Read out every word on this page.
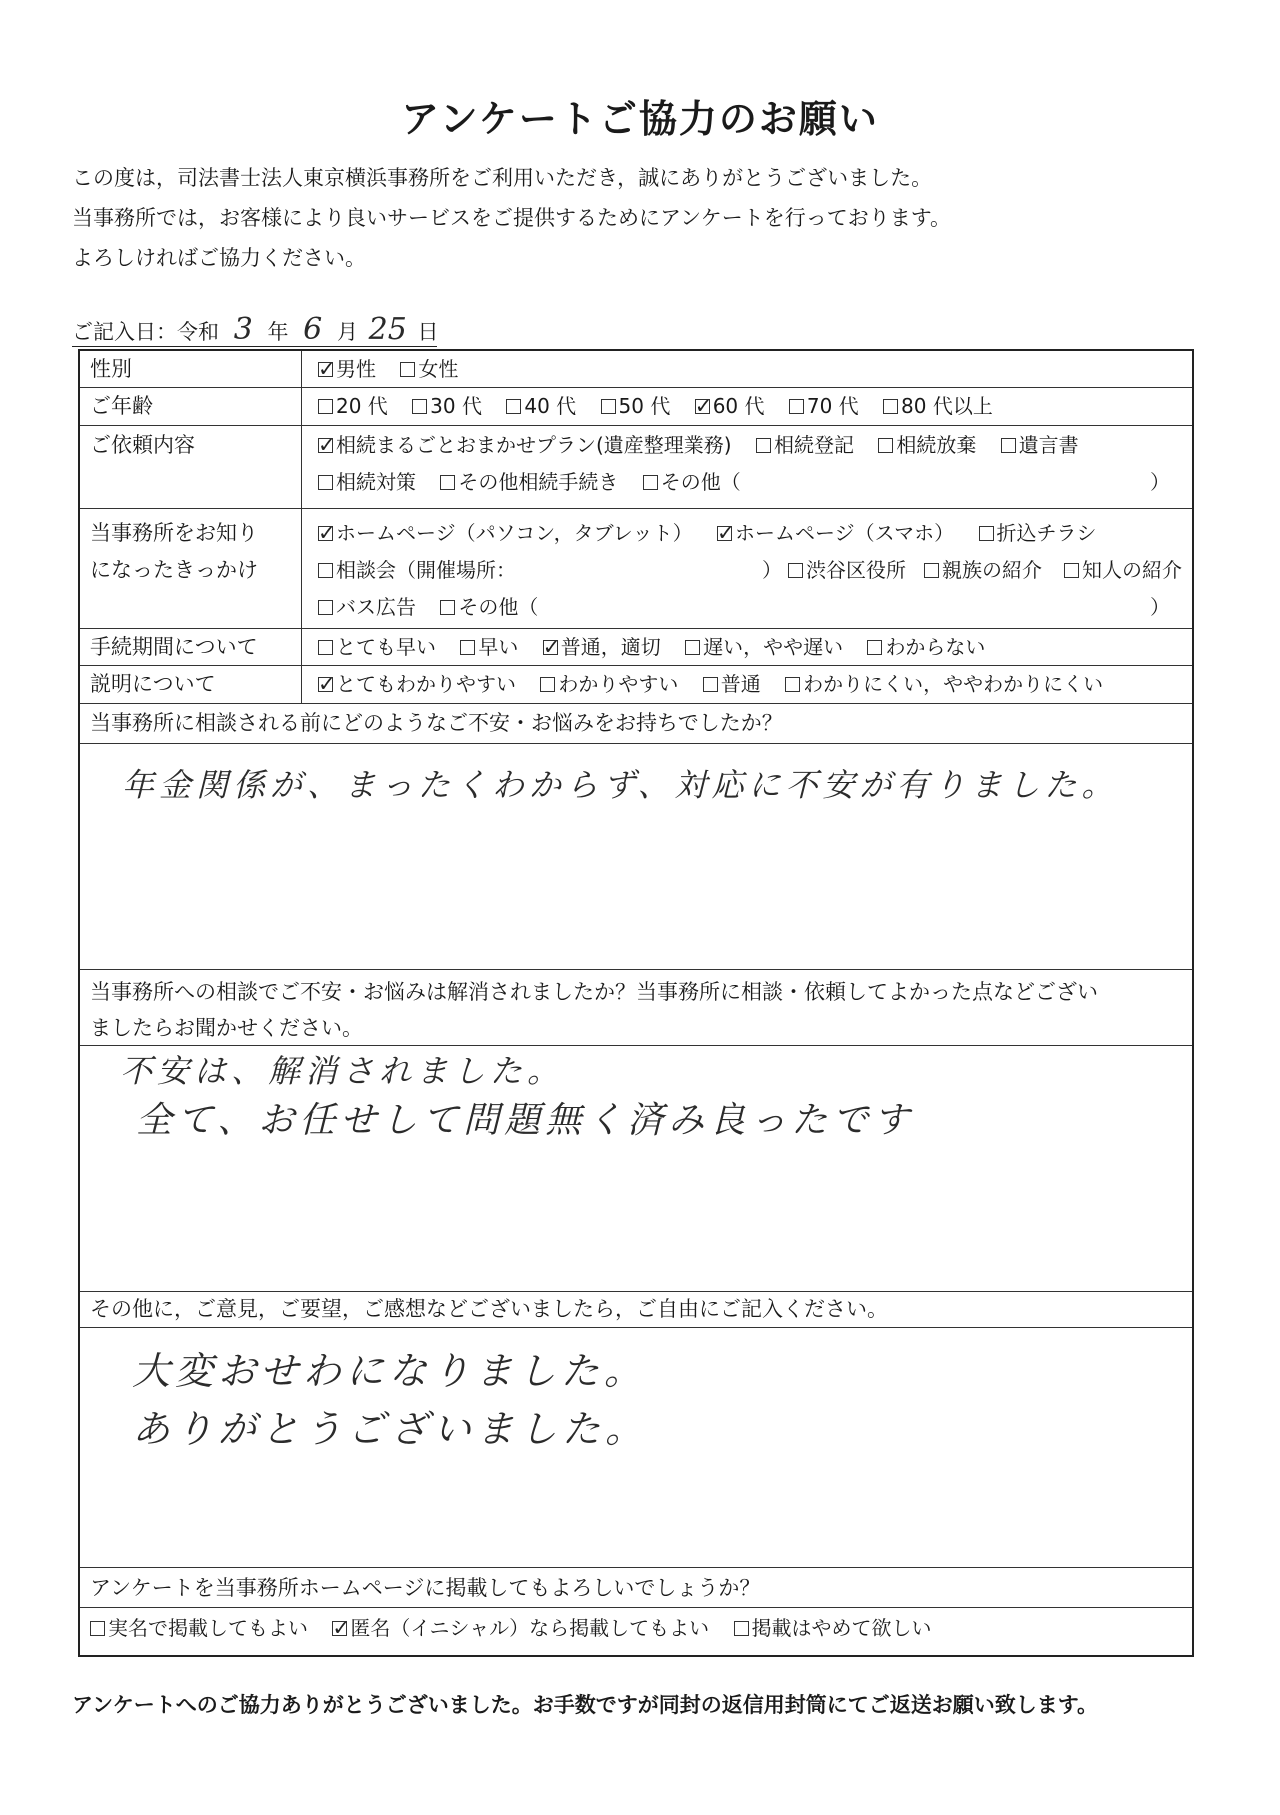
アンケートご協力のお願い
この度は，司法書士法人東京横浜事務所をご利用いただき，誠にありがとうございました。
当事務所では，お客様により良いサービスをご提供するためにアンケートを行っております。
よろしければご協力ください。
ご記入日：令和 3 年 6 月 25 日
性別 ✓	男性 女性
ご年齢	20 代 30 代 40 代 50 代 ✓ 60 代 70 代 80 代以上
ご依頼内容 ✓	相続まるごとおまかせプラン(遺産整理業務) 相続登記 相続放棄 遺言書
相続対策 その他相続手続き その他（	）
当事務所をお知り
になったきっかけ
✓ホームページ（パソコン，タブレット） ✓ ホームページ（スマホ） 折込チラシ
相談会（開催場所：	）	渋谷区役所	親族の紹介	知人の紹介
バス広告 その他（	）
手続期間について	とても早い 早い ✓ 普通，適切 遅い，やや遅い わからない
説明について ✓	とてもわかりやすい わかりやすい 普通 わかりにくい，ややわかりにくい
当事務所に相談される前にどのようなご不安・お悩みをお持ちでしたか？
年金関係が、まったくわからず、対応に不安が有りました。
当事務所への相談でご不安・お悩みは解消されましたか？当事務所に相談・依頼してよかった点などござい
ましたらお聞かせください。
不安は、解消されました。
全て、お任せして問題無く済み良ったです
その他に，ご意見，ご要望，ご感想などございましたら，ご自由にご記入ください。
大変おせわになりました。
ありがとうございました。
アンケートを当事務所ホームページに掲載してもよろしいでしょうか？
実名で掲載してもよい ✓ 匿名（イニシャル）なら掲載してもよい 掲載はやめて欲しい
アンケートへのご協力ありがとうございました。お手数ですが同封の返信用封筒にてご返送お願い致します。
